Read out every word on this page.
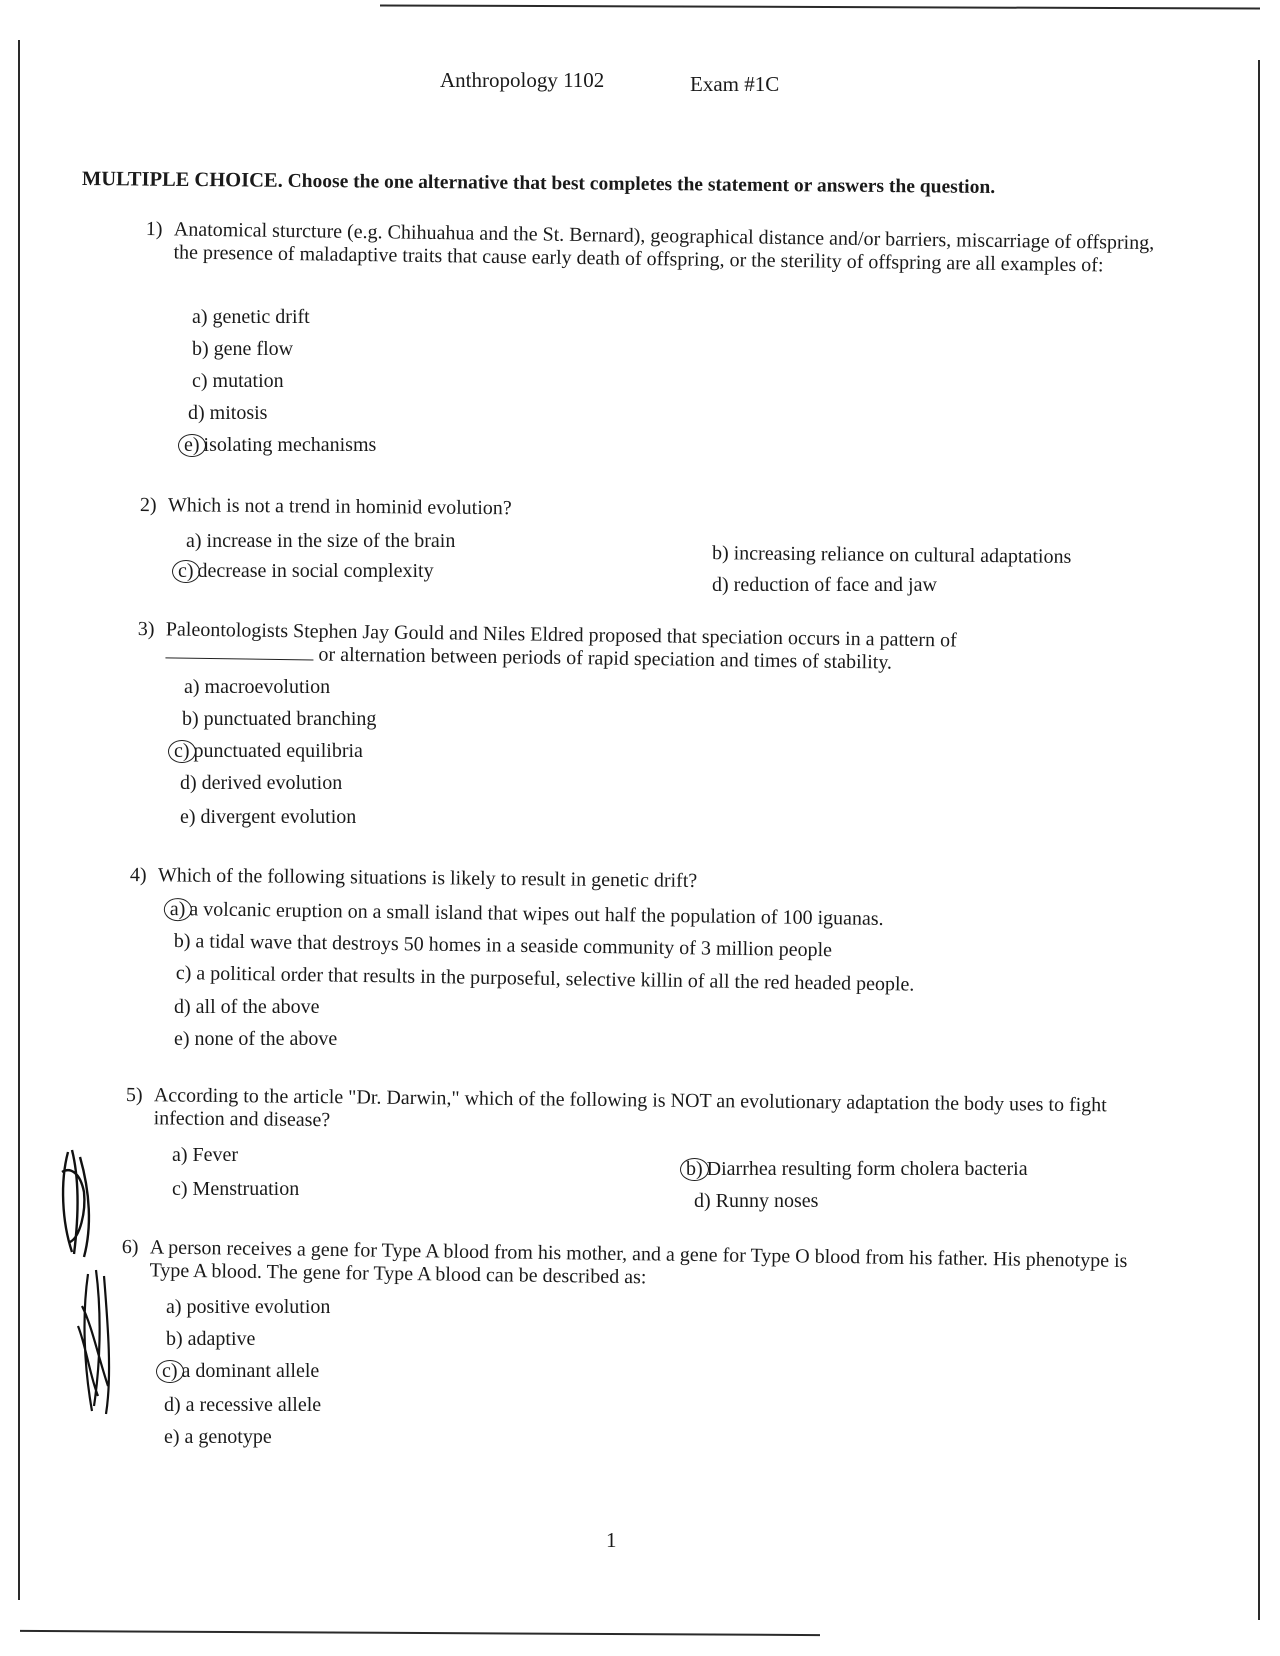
Anthropology 1102	Exam #1C
MULTIPLE CHOICE. Choose the one alternative that best completes the statement or answers the question.
1) Anatomical sturcture (e.g. Chihuahua and the St. Bernard), geographical distance and/or barriers, miscarriage of offspring, the presence of maladaptive traits that cause early death of offspring, or the sterility of offspring are all examples of:
a) genetic drift
b) gene flow
c) mutation
d) mitosis
e) isolating mechanisms
2) Which is not a trend in hominid evolution?
a) increase in the size of the brain
b) increasing reliance on cultural adaptations
c) decrease in social complexity
d) reduction of face and jaw
3) Paleontologists Stephen Jay Gould and Niles Eldred proposed that speciation occurs in a pattern of
or alternation between periods of rapid speciation and times of stability.
a) macroevolution
b) punctuated branching
c) punctuated equilibria
d) derived evolution
e) divergent evolution
4) Which of the following situations is likely to result in genetic drift?
a) a volcanic eruption on a small island that wipes out half the population of 100 iguanas.
b) a tidal wave that destroys 50 homes in a seaside community of 3 million people
c) a political order that results in the purposeful, selective killin of all the red headed people.
d) all of the above
e) none of the above
5) According to the article "Dr. Darwin," which of the following is NOT an evolutionary adaptation the body uses to fight infection and disease?
a) Fever
b) Diarrhea resulting form cholera bacteria
c) Menstruation
d) Runny noses
6) A person receives a gene for Type A blood from his mother, and a gene for Type O blood from his father. His phenotype is Type A blood. The gene for Type A blood can be described as:
a) positive evolution
b) adaptive
c) a dominant allele
d) a recessive allele
e) a genotype
1
